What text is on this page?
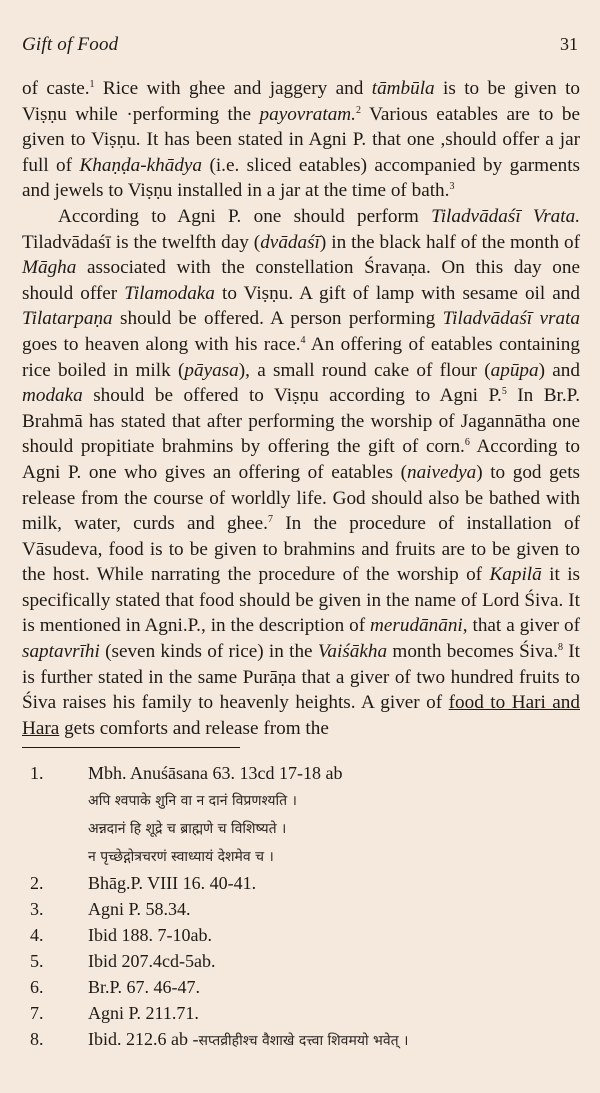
Gift of Food	31

of caste.$^1$ Rice with ghee and jaggery and tāmbūla is to be given to Viṣṇu while ·performing the payovratam.$^2$ Various eatables are to be given to Viṣṇu. It has been stated in Agni P. that one ,should offer a jar full of Khaṇḍa-khādya (i.e. sliced eatables) accompanied by garments and jewels to Viṣṇu installed in a jar at the time of bath.$^3$

According to Agni P. one should perform Tiladvādaśī Vrata. Tiladvādaśī is the twelfth day (dvādaśī) in the black half of the month of Māgha associated with the constellation Śravaṇa. On this day one should offer Tilamodaka to Viṣṇu. A gift of lamp with sesame oil and Tilatarpaṇa should be offered. A person performing Tiladvādaśī vrata goes to heaven along with his race.$^4$ An offering of eatables containing rice boiled in milk (pāyasa), a small round cake of flour (apūpa) and modaka should be offered to Viṣṇu according to Agni P.$^5$ In Br.P. Brahmā has stated that after performing the worship of Jagannātha one should propitiate brahmins by offering the gift of corn.$^6$ According to Agni P. one who gives an offering of eatables (naivedya) to god gets release from the course of worldly life. God should also be bathed with milk, water, curds and ghee.$^7$ In the procedure of installation of Vāsudeva, food is to be given to brahmins and fruits are to be given to the host. While narrating the procedure of the worship of Kapilā it is specifically stated that food should be given in the name of Lord Śiva. It is mentioned in Agni.P., in the description of merudānāni, that a giver of saptavrīhi (seven kinds of rice) in the Vaiśākha month becomes Śiva.$^8$ It is further stated in the same Purāṇa that a giver of two hundred fruits to Śiva raises his family to heavenly heights. A giver of food to Hari and Hara gets comforts and release from the

1.	Mbh. Anuśāsana 63. 13cd 17-18 ab
अपि श्वपाके शुनि वा न दानं विप्रणश्यति ।
अन्नदानं हि शूद्रे च ब्राह्मणे च विशिष्यते ।
न पृच्छेद्गोत्रचरणं स्वाध्यायं देशमेव च ।
2.	Bhāg.P. VIII 16. 40-41.
3.	Agni P. 58.34.
4.	Ibid 188. 7-10ab.
5.	Ibid 207.4cd-5ab.
6.	Br.P. 67. 46-47.
7.	Agni P. 211.71.
8.	Ibid. 212.6 ab -सप्तव्रीहीश्च वैशाखे दत्त्वा शिवमयो भवेत् ।
